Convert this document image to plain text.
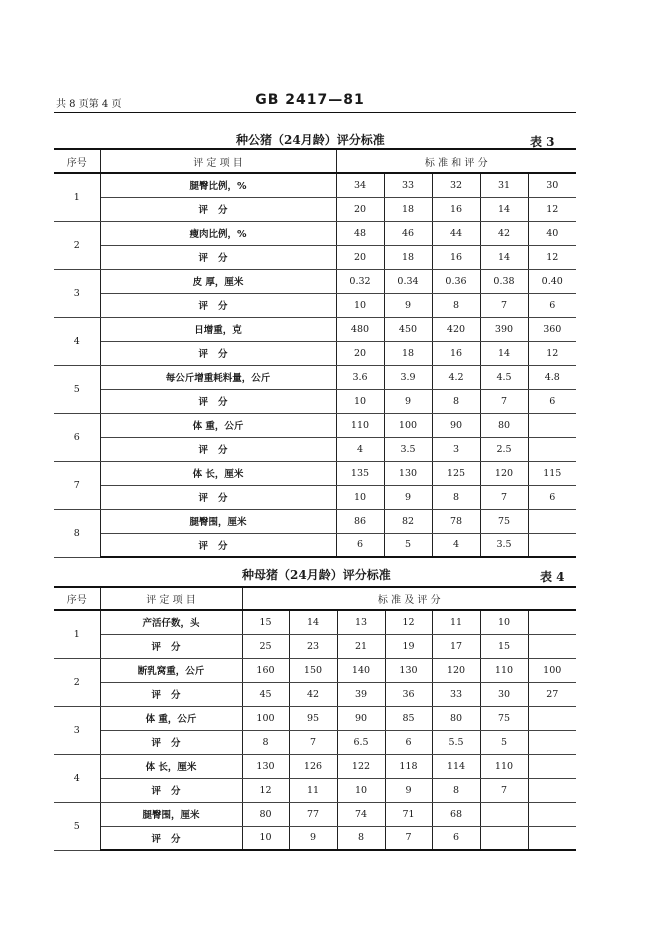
共 8 页第 4 页	GB 2417—81
种公猪（24月龄）评分标准	表 3
序号	评 定 项 目	标 准 和 评 分				
1	腿臀比例，%	34	33	32	31	30
	评分	20	18	16	14	12
2	瘦肉比例，%	48	46	44	42	40
	评分	20	18	16	14	12
3	皮 厚，厘米	0.32	0.34	0.36	0.38	0.40
	评分	10	9	8	7	6
4	日增重，克	480	450	420	390	360
	评分	20	18	16	14	12
5	每公斤增重耗料量，公斤	3.6	3.9	4.2	4.5	4.8
	评分	10	9	8	7	6
6	体 重，公斤	110	100	90	80	
	评分	4	3.5	3	2.5	
7	体 长，厘米	135	130	125	120	115
	评分	10	9	8	7	6
8	腿臀围，厘米	86	82	78	75	
	评分	6	5	4	3.5	
种母猪（24月龄）评分标准	表 4
序号	评 定 项 目	标 准 及 评 分						
1	产活仔数，头	15	14	13	12	11	10	
	评分	25	23	21	19	17	15	
2	断乳窝重，公斤	160	150	140	130	120	110	100
	评分	45	42	39	36	33	30	27
3	体 重，公斤	100	95	90	85	80	75	
	评分	8	7	6.5	6	5.5	5	
4	体 长，厘米	130	126	122	118	114	110	
	评分	12	11	10	9	8	7	
5	腿臀围，厘米	80	77	74	71	68		
	评分	10	9	8	7	6		
